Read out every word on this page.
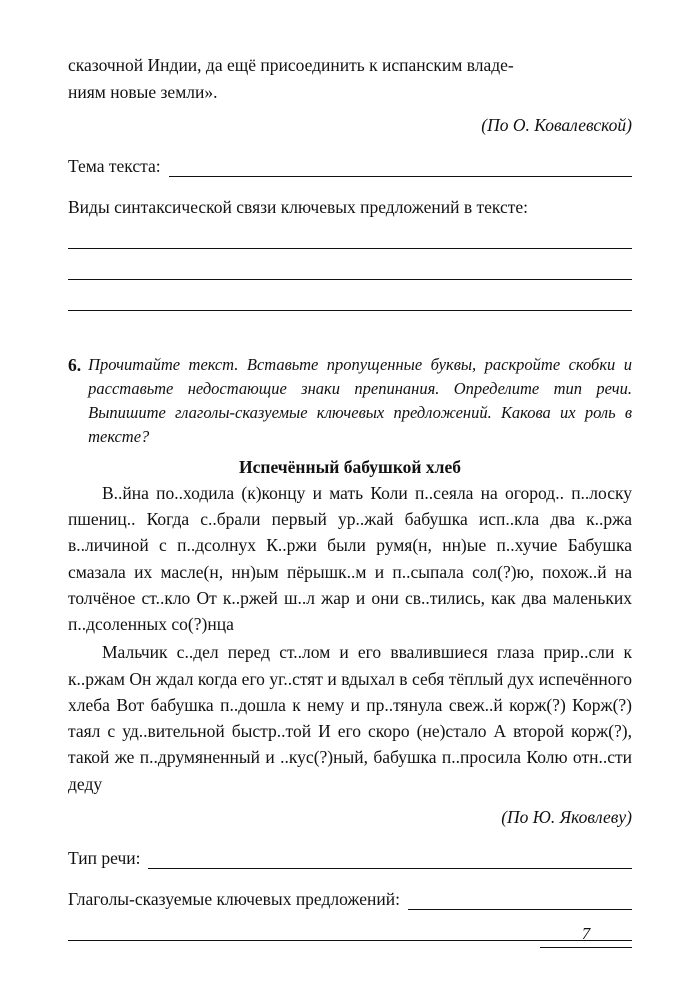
сказочной Индии, да ещё присоединить к испанским владе-
ниям новые земли».

(По О. Ковалевской)

Тема текста:
Виды синтаксической связи ключевых предложений в тексте:
6. Прочитайте текст. Вставьте пропущенные буквы, раскройте скобки и расставьте недостающие знаки препинания. Определите тип речи. Выпишите глаголы-сказуемые ключевых предложений. Какова их роль в тексте?
Испечённый бабушкой хлеб

В..йна по..ходила (к)концу и мать Коли п..сеяла на огород.. п..лоску пшениц.. Когда с..брали первый ур..жай бабушка исп..кла два к..ржа в..личиной с п..дсолнух К..ржи были румя(н, нн)ые п..хучие Бабушка смазала их масле(н, нн)ым пёрышк..м и п..сыпала сол(?)ю, похож..й на толчёное ст..кло От к..ржей ш..л жар и они св..тились, как два маленьких п..дсоленных со(?)нца

Мальчик с..дел перед ст..лом и его ввалившиеся глаза прир..сли к к..ржам Он ждал когда его уг..стят и вдыхал в себя тёплый дух испечённого хлеба Вот бабушка п..дошла к нему и пр..тянула свеж..й корж(?) Корж(?) таял с уд..вительной быстр..той И его скоро (не)стало А второй корж(?), такой же п..друмяненный и ..кус(?)ный, бабушка п..просила Колю отн..сти деду

(По Ю. Яковлеву)

Тип речи:
Глаголы-сказуемые ключевых предложений:
7
